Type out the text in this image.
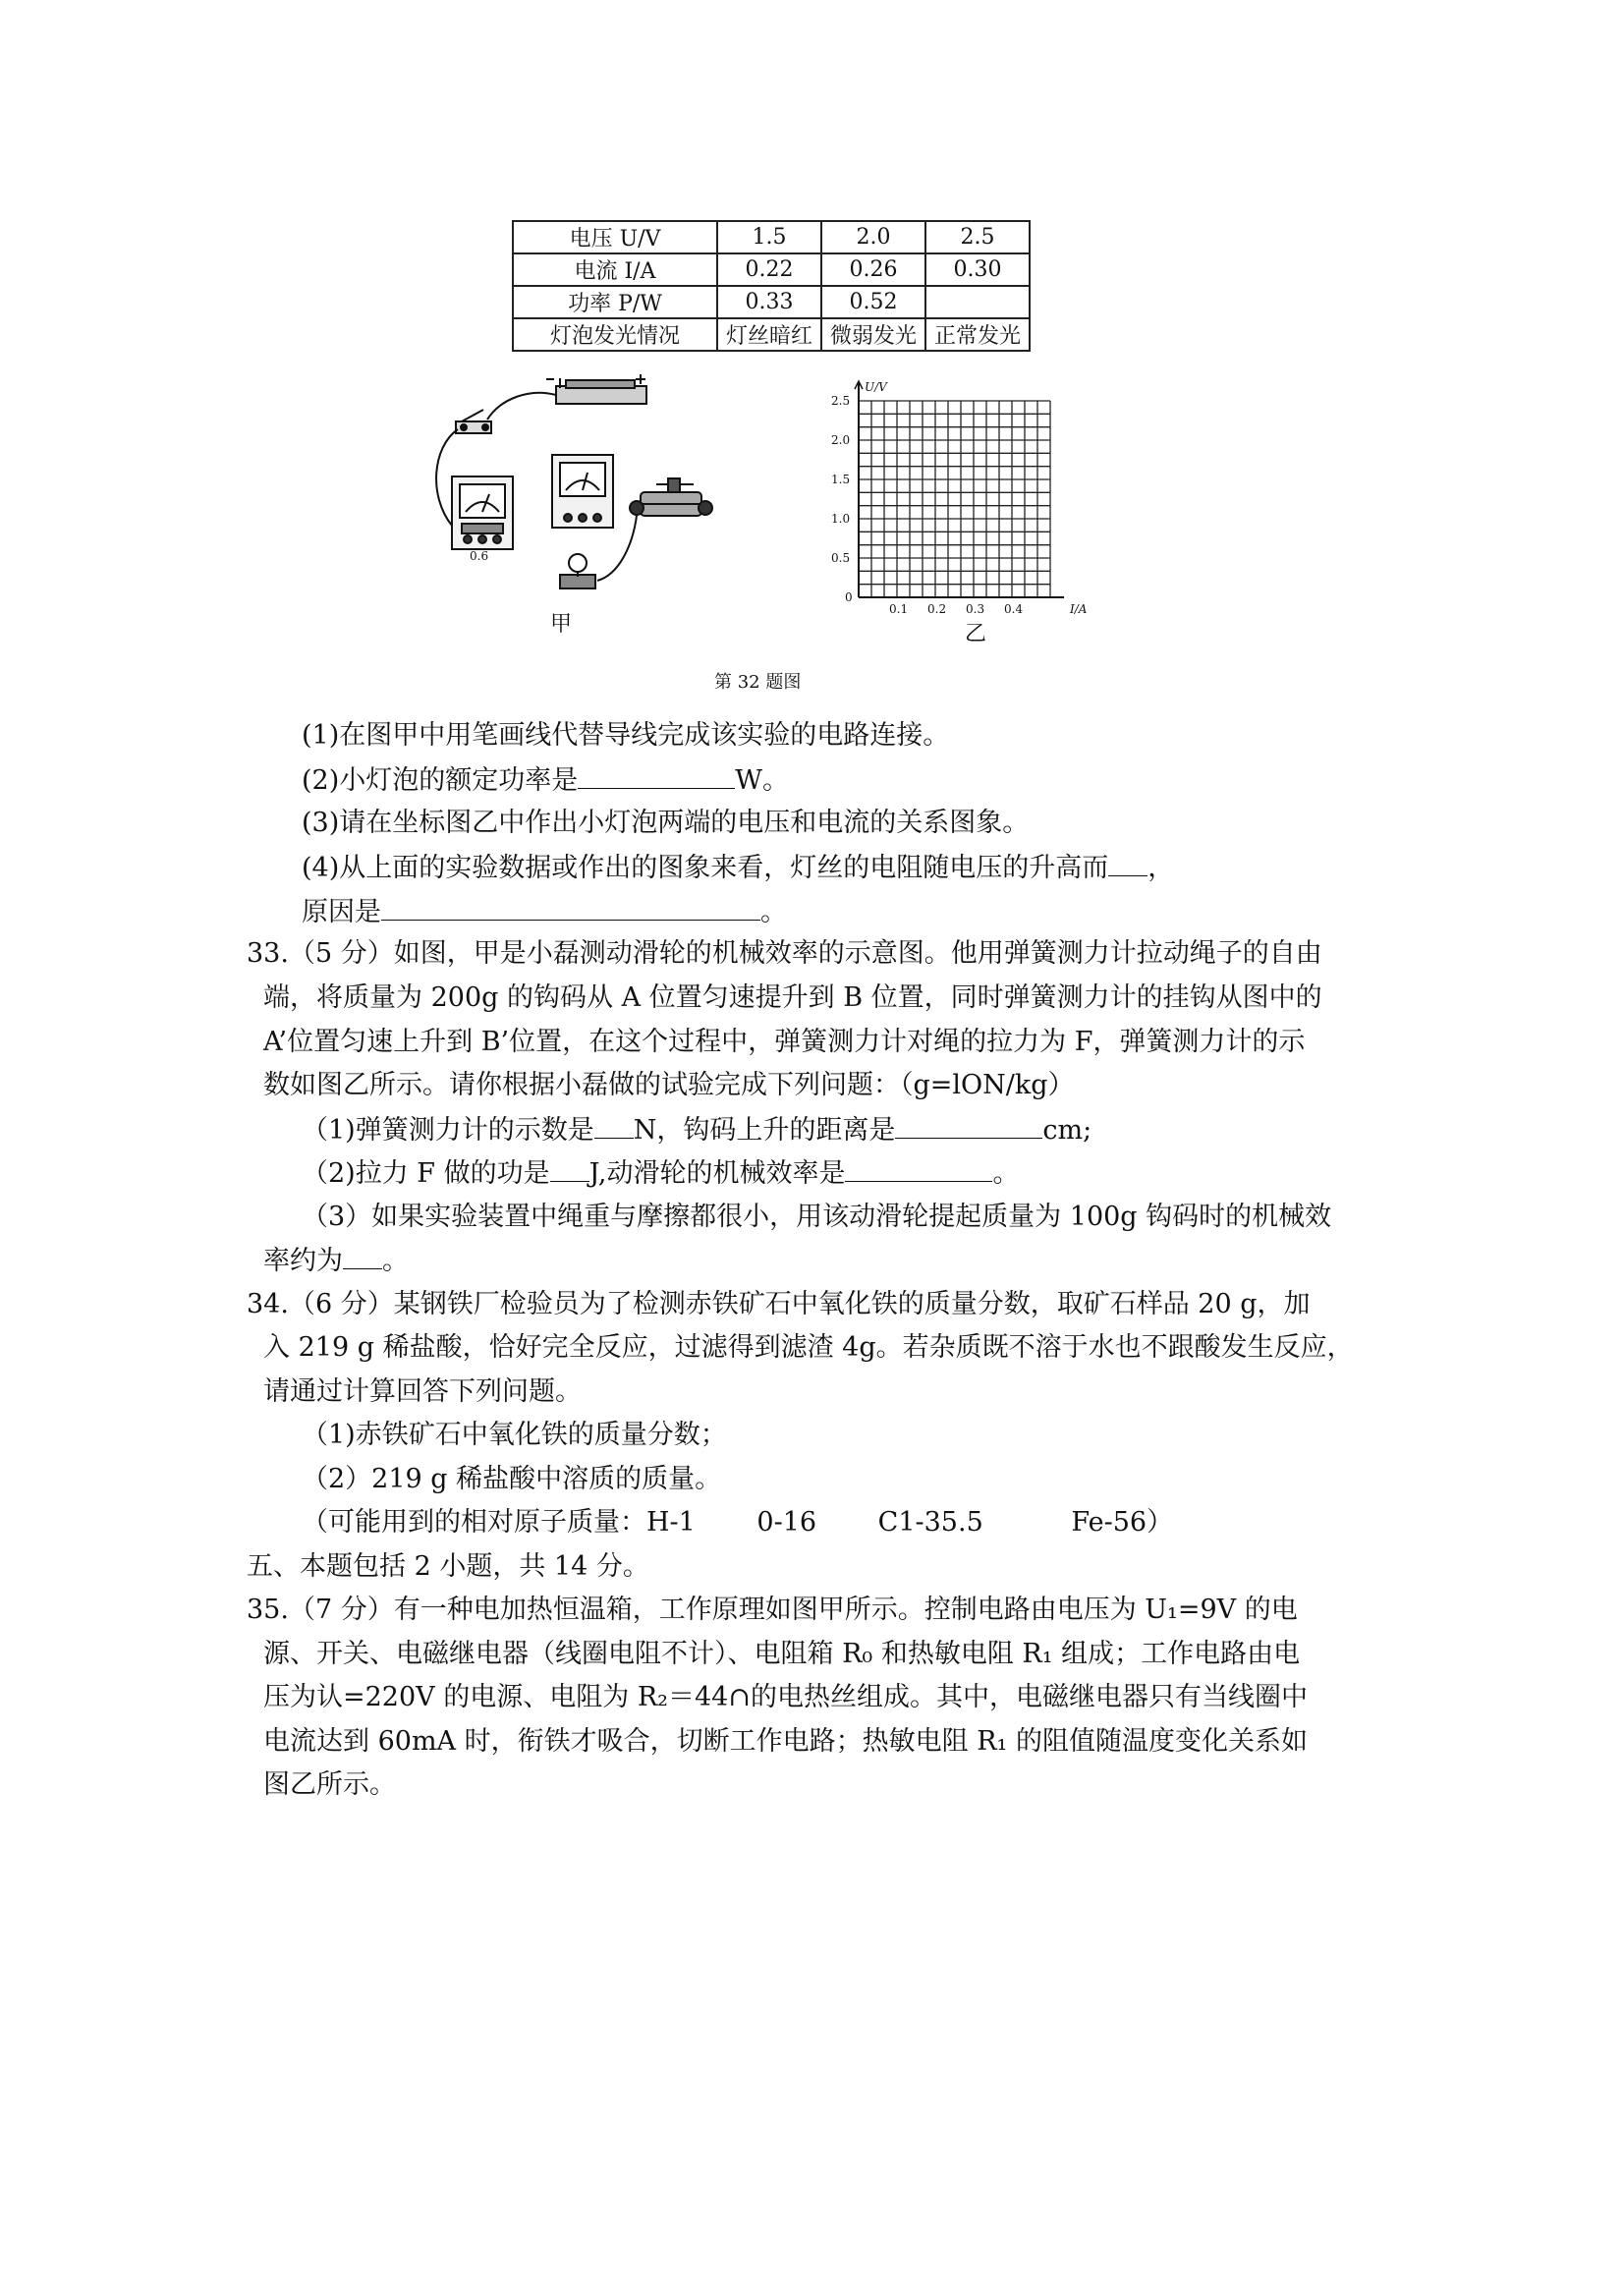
电压 U/V	1.5	2.0	2.5
电流 I/A	0.22	0.26	0.30
功率 P/W	0.33	0.52	
灯泡发光情况	灯丝暗红	微弱发光	正常发光
0.6
甲
U/V
I/A
0
0.5
1.0
1.5
2.0
2.5
0.1 0.2 0.3 0.4
乙
第 32 题图
(1)在图甲中用笔画线代替导线完成该实验的电路连接。
(2)小灯泡的额定功率是	W。
(3)请在坐标图乙中作出小灯泡两端的电压和电流的关系图象。
(4)从上面的实验数据或作出的图象来看，灯丝的电阻随电压的升高而 ，
原因是	。
33.（5 分）如图，甲是小磊测动滑轮的机械效率的示意图。他用弹簧测力计拉动绳子的自由
端，将质量为 200g 的钩码从 A 位置匀速提升到 B 位置，同时弹簧测力计的挂钩从图中的
A’位置匀速上升到 B’位置，在这个过程中，弹簧测力计对绳的拉力为 F，弹簧测力计的示
数如图乙所示。请你根据小磊做的试验完成下列问题：（g=lON/kg）
（1)弹簧测力计的示数是 N，钩码上升的距离是	cm;
（2)拉力 F 做的功是 J,动滑轮的机械效率是	。
（3）如果实验装置中绳重与摩擦都很小，用该动滑轮提起质量为 100g 钩码时的机械效
率约为 。
34.（6 分）某钢铁厂检验员为了检测赤铁矿石中氧化铁的质量分数，取矿石样品 20 g，加
入 219 g 稀盐酸，恰好完全反应，过滤得到滤渣 4g。若杂质既不溶于水也不跟酸发生反应，
请通过计算回答下列问题。
（1)赤铁矿石中氧化铁的质量分数；
（2）219 g 稀盐酸中溶质的质量。
（可能用到的相对原子质量：H-1　　 0-16　　 C1-35.5　　　 Fe-56）
五、本题包括 2 小题，共 14 分。
35.（7 分）有一种电加热恒温箱，工作原理如图甲所示。控制电路由电压为 U₁=9V 的电
源、开关、电磁继电器（线圈电阻不计）、电阻箱 R₀ 和热敏电阻 R₁ 组成；工作电路由电
压为认=220V 的电源、电阻为 R₂＝44∩的电热丝组成。其中，电磁继电器只有当线圈中
电流达到 60mA 时，衔铁才吸合，切断工作电路；热敏电阻 R₁ 的阻值随温度变化关系如
图乙所示。
